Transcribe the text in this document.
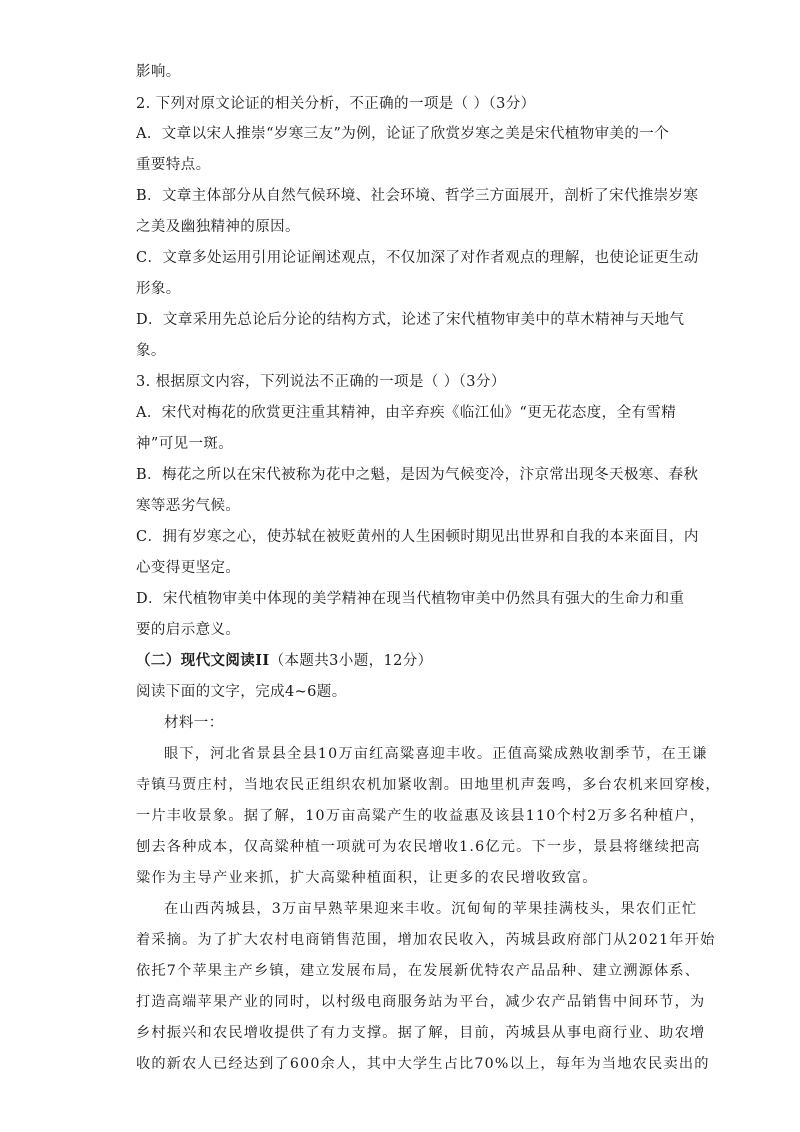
影响。
2. 下列对原文论证的相关分析，不正确的一项是（ ）（3分）
A．文章以宋人推崇“岁寒三友”为例，论证了欣赏岁寒之美是宋代植物审美的一个
重要特点。
B．文章主体部分从自然气候环境、社会环境、哲学三方面展开，剖析了宋代推崇岁寒
之美及幽独精神的原因。
C．文章多处运用引用论证阐述观点，不仅加深了对作者观点的理解，也使论证更生动
形象。
D．文章采用先总论后分论的结构方式，论述了宋代植物审美中的草木精神与天地气
象。
3. 根据原文内容，下列说法不正确的一项是（ ）（3分）
A．宋代对梅花的欣赏更注重其精神，由辛弃疾《临江仙》“更无花态度，全有雪精
神”可见一斑。
B．梅花之所以在宋代被称为花中之魁，是因为气候变冷，汴京常出现冬天极寒、春秋
寒等恶劣气候。
C．拥有岁寒之心，使苏轼在被贬黄州的人生困顿时期见出世界和自我的本来面目，内
心变得更坚定。
D．宋代植物审美中体现的美学精神在现当代植物审美中仍然具有强大的生命力和重
要的启示意义。
（二）现代文阅读II（本题共3小题，12分）
阅读下面的文字，完成4~6题。
材料一：
眼下，河北省景县全县10万亩红高粱喜迎丰收。正值高粱成熟收割季节，在王谦
寺镇马贾庄村，当地农民正组织农机加紧收割。田地里机声轰鸣，多台农机来回穿梭，
一片丰收景象。据了解，10万亩高粱产生的收益惠及该县110个村2万多名种植户，
刨去各种成本，仅高粱种植一项就可为农民增收1.6亿元。下一步，景县将继续把高
粱作为主导产业来抓，扩大高粱种植面积，让更多的农民增收致富。
在山西芮城县，3万亩早熟苹果迎来丰收。沉甸甸的苹果挂满枝头，果农们正忙
着采摘。为了扩大农村电商销售范围，增加农民收入，芮城县政府部门从2021年开始
依托7个苹果主产乡镇，建立发展布局，在发展新优特农产品品种、建立溯源体系、
打造高端苹果产业的同时，以村级电商服务站为平台，减少农产品销售中间环节，为
乡村振兴和农民增收提供了有力支撑。据了解，目前，芮城县从事电商行业、助农增
收的新农人已经达到了600余人，其中大学生占比70%以上，每年为当地农民卖出的
